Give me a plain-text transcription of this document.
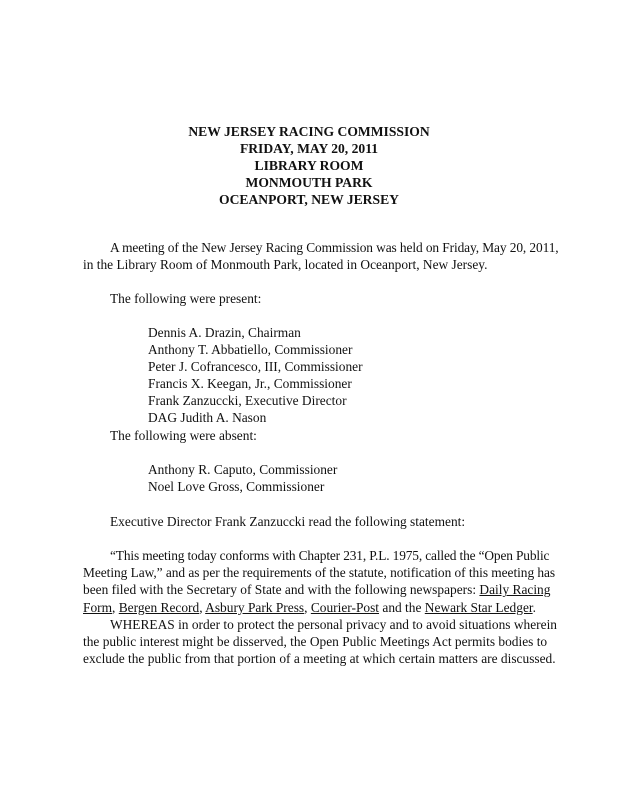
NEW JERSEY RACING COMMISSION
FRIDAY, MAY 20, 2011
LIBRARY ROOM
MONMOUTH PARK
OCEANPORT, NEW JERSEY
A meeting of the New Jersey Racing Commission was held on Friday, May 20, 2011,
in the Library Room of Monmouth Park, located in Oceanport, New Jersey.
The following were present:
Dennis A. Drazin, Chairman
Anthony T. Abbatiello, Commissioner
Peter J. Cofrancesco, III, Commissioner
Francis X. Keegan, Jr., Commissioner
Frank Zanzuccki, Executive Director
DAG Judith A. Nason
The following were absent:
Anthony R. Caputo, Commissioner
Noel Love Gross, Commissioner
Executive Director Frank Zanzuccki read the following statement:
“This meeting today conforms with Chapter 231, P.L. 1975, called the “Open Public
Meeting Law,” and as per the requirements of the statute, notification of this meeting has
been filed with the Secretary of State and with the following newspapers: Daily Racing
Form, Bergen Record, Asbury Park Press, Courier-Post and the Newark Star Ledger.
WHEREAS in order to protect the personal privacy and to avoid situations wherein
the public interest might be disserved, the Open Public Meetings Act permits bodies to
exclude the public from that portion of a meeting at which certain matters are discussed.
